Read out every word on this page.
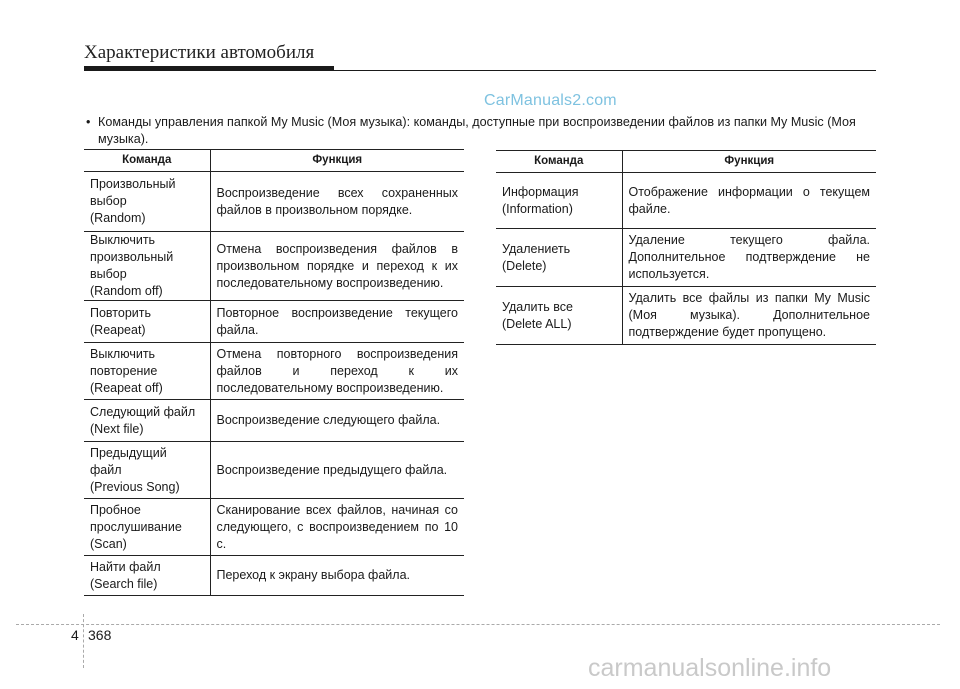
Характеристики автомобиля
CarManuals2.com
• Команды управления папкой My Music (Моя музыка): команды, доступные при воспроизведении файлов из папки My Music (Моя музыка).
Команда	Функция

Произвольный
выбор
(Random)	Воспроизведение всех сохраненных файлов в произвольном порядке.

Выключить
произвольный
выбор
(Random off)	Отмена воспроизведения файлов в произвольном порядке и переход к их последовательному воспроизведению.

Повторить
(Reapeat)	Повторное воспроизведение текущего файла.

Выключить
повторение
(Reapeat off)	Отмена повторного воспроизведения файлов и переход к их последовательному воспроизведению.

Следующий файл
(Next file)	Воспроизведение следующего файла.

Предыдущий
файл
(Previous Song)	Воспроизведение предыдущего файла.

Пробное
прослушивание
(Scan)	Сканирование всех файлов, начиная со следующего, с воспроизведением по 10 с.

Найти файл
(Search file)	Переход к экрану выбора файла.
Команда	Функция

Информация
(Information)	Отображение информации о текущем файле.

Удалениеть
(Delete)	Удаление текущего файла. Дополнительное подтверждение не используется.

Удалить все
(Delete ALL)	Удалить все файлы из папки My Music (Моя музыка). Дополнительное подтверждение будет пропущено.
4 368
carmanualsonline.info
